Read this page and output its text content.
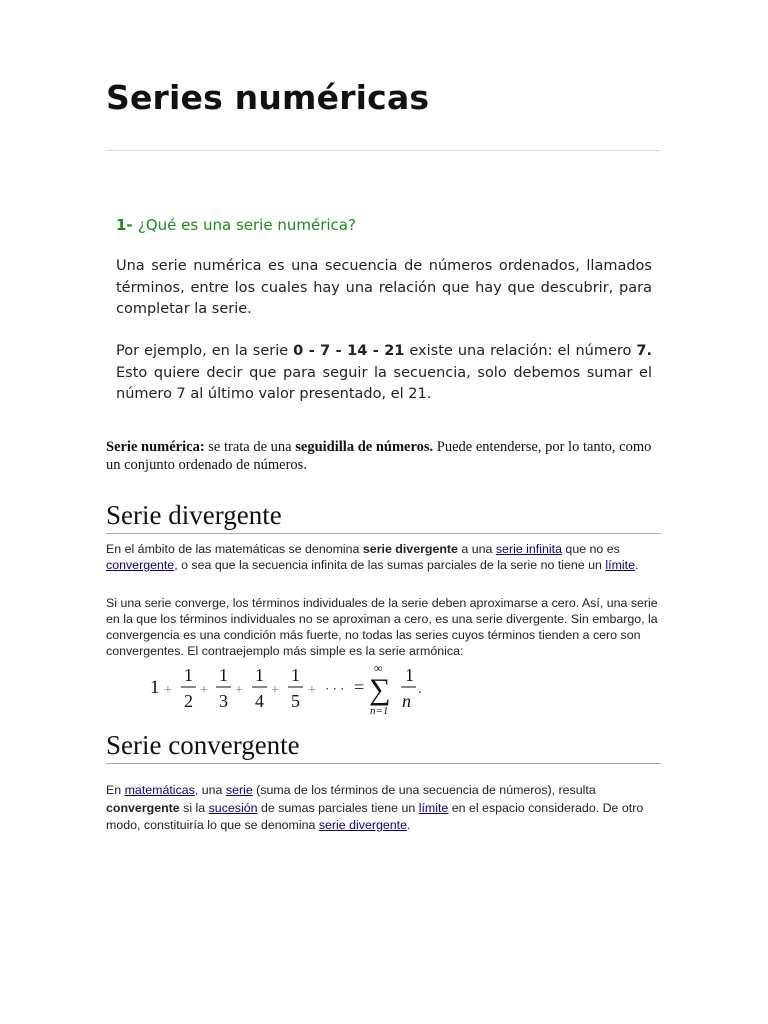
Series numéricas

1- ¿Qué es una serie numérica?

Una serie numérica es una secuencia de números ordenados, llamados términos, entre los cuales hay una relación que hay que descubrir, para completar la serie.

Por ejemplo, en la serie 0 - 7 - 14 - 21 existe una relación: el número 7. Esto quiere decir que para seguir la secuencia, solo debemos sumar el número 7 al último valor presentado, el 21.

Serie numérica: se trata de una seguidilla de números. Puede entenderse, por lo tanto, como un conjunto ordenado de números.

Serie divergente

En el ámbito de las matemáticas se denomina serie divergente a una serie infinita que no es convergente, o sea que la secuencia infinita de las sumas parciales de la serie no tiene un límite.

Si una serie converge, los términos individuales de la serie deben aproximarse a cero. Así, una serie en la que los términos individuales no se aproximan a cero, es una serie divergente. Sin embargo, la convergencia es una condición más fuerte, no todas las series cuyos términos tienden a cero son convergentes. El contraejemplo más simple es la serie armónica:

1 +
1
2
+
1
3
+
1
4
+
1
5
+ · · · =
∞
∑
n=1
1
n
.
Serie convergente

En matemáticas, una serie (suma de los términos de una secuencia de números), resulta convergente si la sucesión de sumas parciales tiene un límite en el espacio considerado. De otro modo, constituiría lo que se denomina serie divergente.
